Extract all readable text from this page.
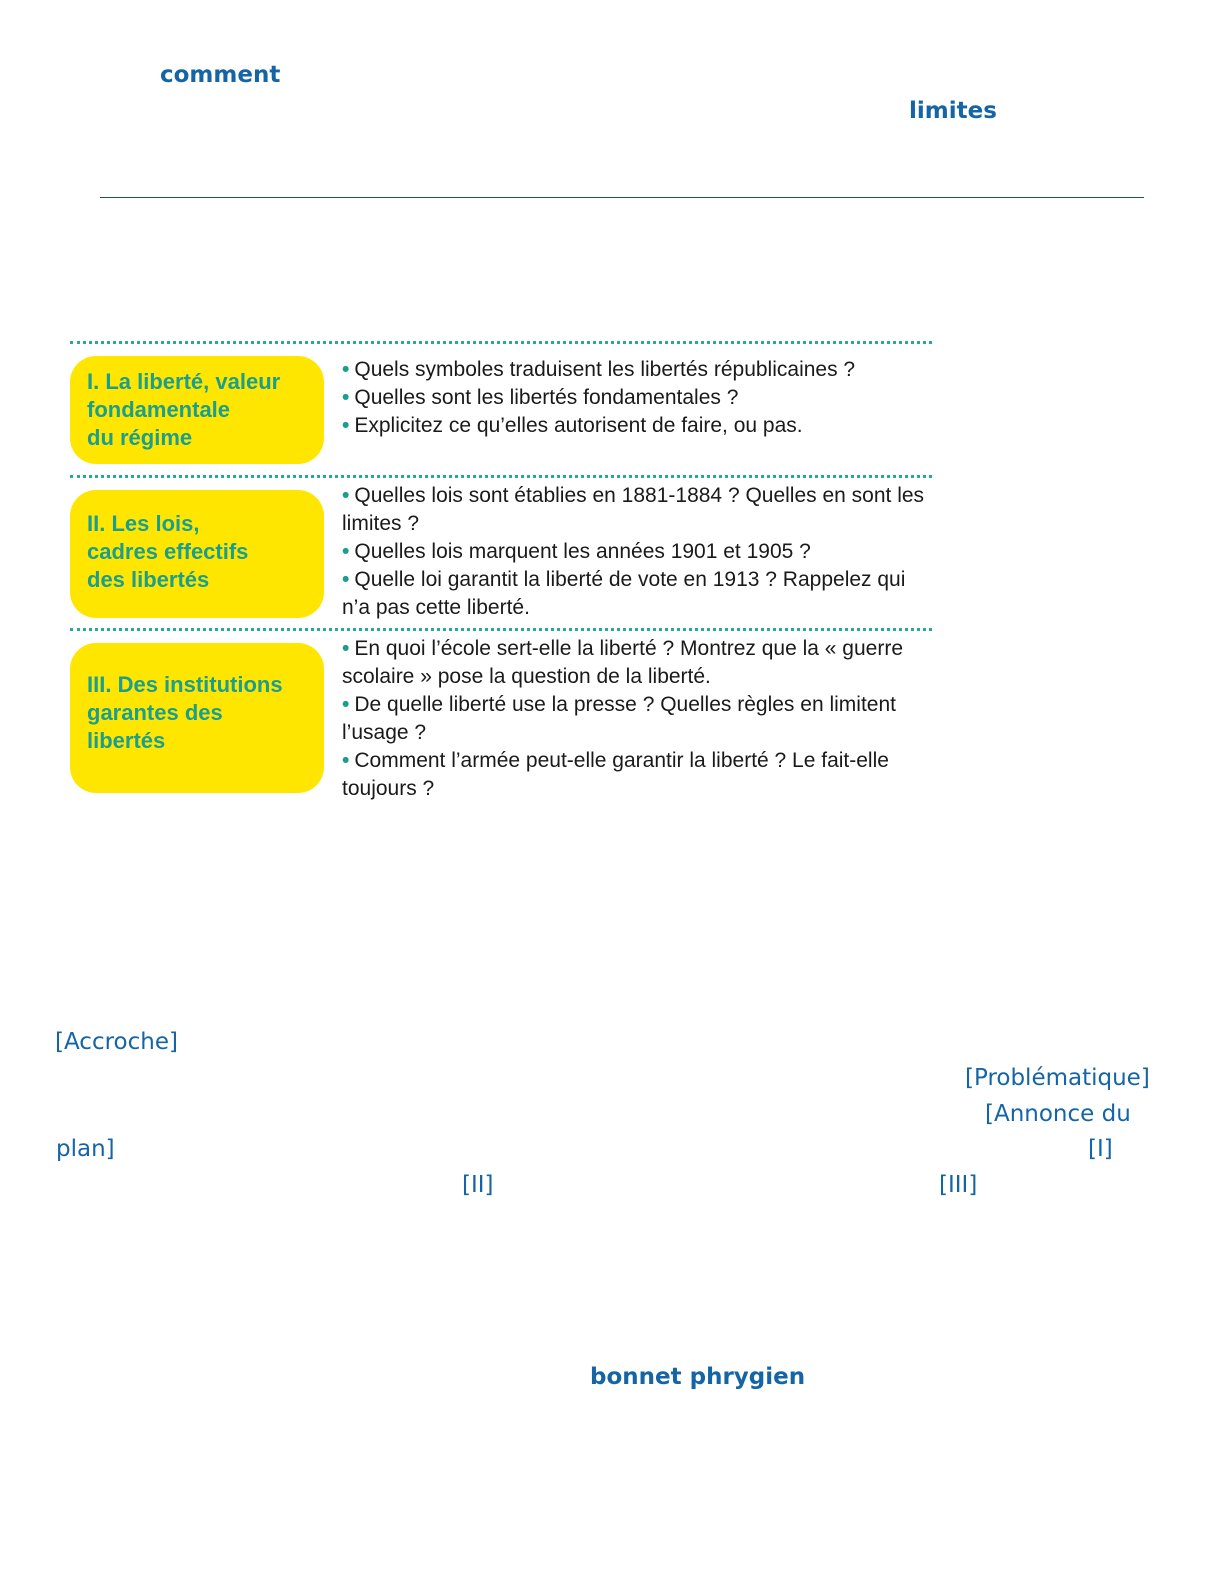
comment

limites

I. La liberté, valeur
fondamentale
du régime

• Quels symboles traduisent les libertés républicaines ?

• Quelles sont les libertés fondamentales ?

• Explicitez ce qu’elles autorisent de faire, ou pas.

II. Les lois,
cadres effectifs
des libertés

• Quelles lois sont établies en 1881-1884 ? Quelles en sont les limites ?

• Quelles lois marquent les années 1901 et 1905 ?

• Quelle loi garantit la liberté de vote en 1913 ? Rappelez qui n’a pas cette liberté.

III. Des institutions
garantes des
libertés

• En quoi l’école sert-elle la liberté ? Montrez que la « guerre scolaire » pose la question de la liberté.

• De quelle liberté use la presse ? Quelles règles en limitent l’usage ?

• Comment l’armée peut-elle garantir la liberté ? Le fait-elle toujours ?

[Accroche]

[Problématique]

[Annonce du

plan]	[I]

[II]	[III]

bonnet phrygien
